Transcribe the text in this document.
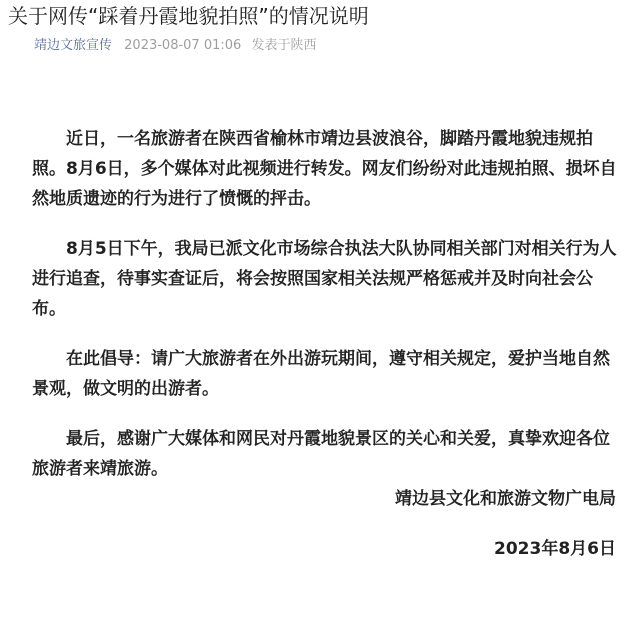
关于网传“踩着丹霞地貌拍照”的情况说明
靖边文旅宣传 2023-08-07 01:06 发表于陕西

近日，一名旅游者在陕西省榆林市靖边县波浪谷，脚踏丹霞地貌违规拍照。8月6日，多个媒体对此视频进行转发。网友们纷纷对此违规拍照、损坏自然地质遗迹的行为进行了愤慨的抨击。

8月5日下午，我局已派文化市场综合执法大队协同相关部门对相关行为人进行追查，待事实查证后，将会按照国家相关法规严格惩戒并及时向社会公布。

在此倡导：请广大旅游者在外出游玩期间，遵守相关规定，爱护当地自然景观，做文明的出游者。

最后，感谢广大媒体和网民对丹霞地貌景区的关心和关爱，真挚欢迎各位旅游者来靖旅游。

靖边县文化和旅游文物广电局
2023年8月6日
